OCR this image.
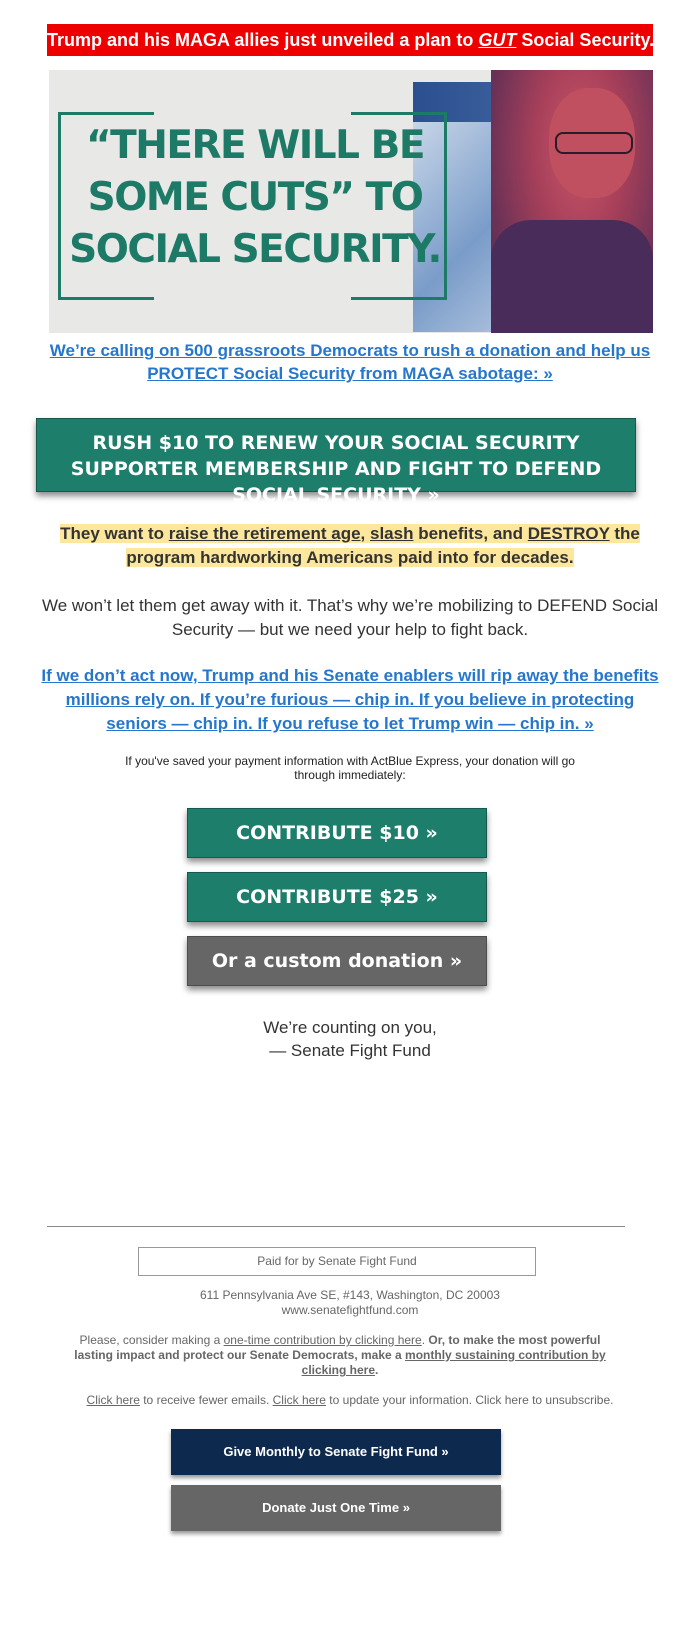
Trump and his MAGA allies just unveiled a plan to GUT Social Security.
“THERE WILL BE
SOME CUTS” TO
SOCIAL SECURITY.
We’re calling on 500 grassroots Democrats to rush a donation and help us PROTECT Social Security from MAGA sabotage: »
RUSH $10 TO RENEW YOUR SOCIAL SECURITY SUPPORTER MEMBERSHIP AND FIGHT TO DEFEND SOCIAL SECURITY »
They want to raise the retirement age, slash benefits, and DESTROY the program hardworking Americans paid into for decades.
We won’t let them get away with it. That’s why we’re mobilizing to DEFEND Social Security — but we need your help to fight back.
If we don’t act now, Trump and his Senate enablers will rip away the benefits millions rely on. If you’re furious — chip in. If you believe in protecting seniors — chip in. If you refuse to let Trump win — chip in. »
If you've saved your payment information with ActBlue Express, your donation will go through immediately:
CONTRIBUTE $10 »
CONTRIBUTE $25 »
Or a custom donation »
We’re counting on you,
— Senate Fight Fund
Paid for by Senate Fight Fund
611 Pennsylvania Ave SE, #143, Washington, DC 20003
www.senatefightfund.com
Please, consider making a one-time contribution by clicking here. Or, to make the most powerful lasting impact and protect our Senate Democrats, make a monthly sustaining contribution by clicking here.
Click here to receive fewer emails. Click here to update your information. Click here to unsubscribe.
Give Monthly to Senate Fight Fund »
Donate Just One Time »
